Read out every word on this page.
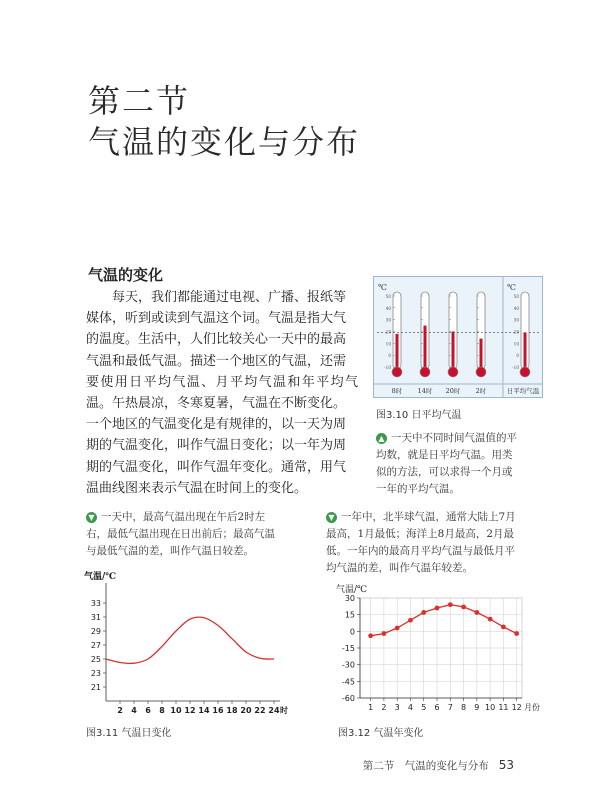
第二节
气温的变化与分布
气温的变化
每天，我们都能通过电视、广播、报纸等
媒体，听到或读到气温这个词。气温是指大气
的温度。生活中，人们比较关心一天中的最高
气温和最低气温。描述一个地区的气温，还需
要使用日平均气温、月平均气温和年平均气温。 午热晨凉，冬寒夏暑，气温在不断变化。
一个地区的气温变化是有规律的，以一天为周
期的气温变化，叫作气温日变化；以一年为周
期的气温变化，叫作气温年变化。通常，用气
温曲线图来表示气温在时间上的变化。
℃	℃
50
40
30
20
10
0
-10
8时 14时 20时 2时
50
40
30
20
10
0
-10
日平均气温
图3.10 日平均气温
▲ 一天中不同时间气温值的平
均数，就是日平均气温。用类
似的方法，可以求得一个月或
一年的平均气温。
▼ 一天中，最高气温出现在午后2时左
右，最低气温出现在日出前后；最高气温
与最低气温的差，叫作气温日较差。
▼ 一年中，北半球气温，通常大陆上7月
最高，1月最低；海洋上8月最高，2月最
低。一年内的最高月平均气温与最低月平
均气温的差，叫作气温年较差。
21
23
25
27
29
31
33
2 4 6 8 10 12 14 16 18 20 22 24 时
气温/℃
图3.11 气温日变化
30
15
0
-15
-30
-45
-60
1 2 3 4 5 6 7 8 9 10 11 12 月份
气温/℃
图3.12 气温年变化
第二节　气温的变化与分布 53
